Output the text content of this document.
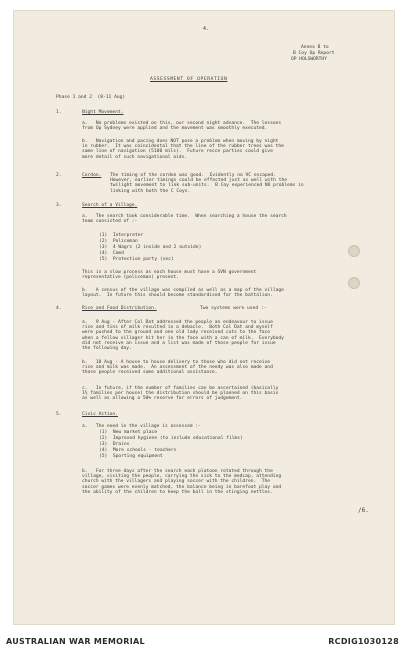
4.

Annex B to

B Coy Op Report

OP HOLSWORTHY

ASSESSMENT OF OPERATION

Phase 1 and 2  (8-11 Aug)

1.	Night Movement.

a.   No problems existed on this, our second night advance.  The lessons
from Op Sydney were applied and the movement was smoothly executed.

b.   Navigation and pacing does NOT pose a problem when moving by night
in rubber.  It was coincidental that the line of the rubber trees was the
same line of navigation (5100 mils).  Future recce parties could give
more detail of such navigational aids.

2.	Cordon. The timing of the cordon was good.  Evidently no VC escaped.
However, earlier timings could be effected just as well with the
twilight movement to link sub-units.  B Coy experienced NO problems in
linking with both the C Coys.

3.	Search of a Village.

a.   The search took considerable time.  When searching a house the search
team consisted of :-

(1)  Interpreter

(2)  Policeman

(3)  4 Wagrs (2 inside and 2 outside)

(4)  Comd

(5)  Protection party (sec)

This is a slow process as each house must have a SVN government
representative (policeman) present.

b.   A census of the village was compiled as well as a map of the village
layout.  In future this should become standardised for the battalion.

4.	Rice and Food Distribution.	Two systems were used :-

a.   9 Aug - After Col Dat addressed the people an endeavour to issue
rice and tins of milk resulted in a debacle.  Both Col Dat and myself
were pushed to the ground and one old lady received cuts to the face
when a fellow villager hit her in the face with a can of milk.  Everybody
did not receive an issue and a list was made of those people for issue
the following day.

b.   10 Aug - A house to house delivery to those who did not receive
rice and milk was made.  An assessment of the needy was also made and
those people received some additional assistance.

c.   In future, if the number of families can be ascertained (basically
1½ families per house) the distribution should be planned on this basis
as well as allowing a 50% reserve for errors of judgement.

5.	Civic Action.

a.   The need in the village is assessed :-

(1)  New market place

(2)  Improved hygiene (to include educational films)

(3)  Drains

(4)  More schools - teachers

(5)  Sporting equipment

b.   For three days after the search each platoon rotated through the
village, visiting the people, carrying the sick to the medcap, attending
church with the villagers and playing soccer with the children.  The
soccer games were evenly matched, the balance being in barefoot play and
the ability of the children to keep the ball in the stinging nettles.

/6.

AUSTRALIAN WAR MEMORIAL	RCDIG1030128
